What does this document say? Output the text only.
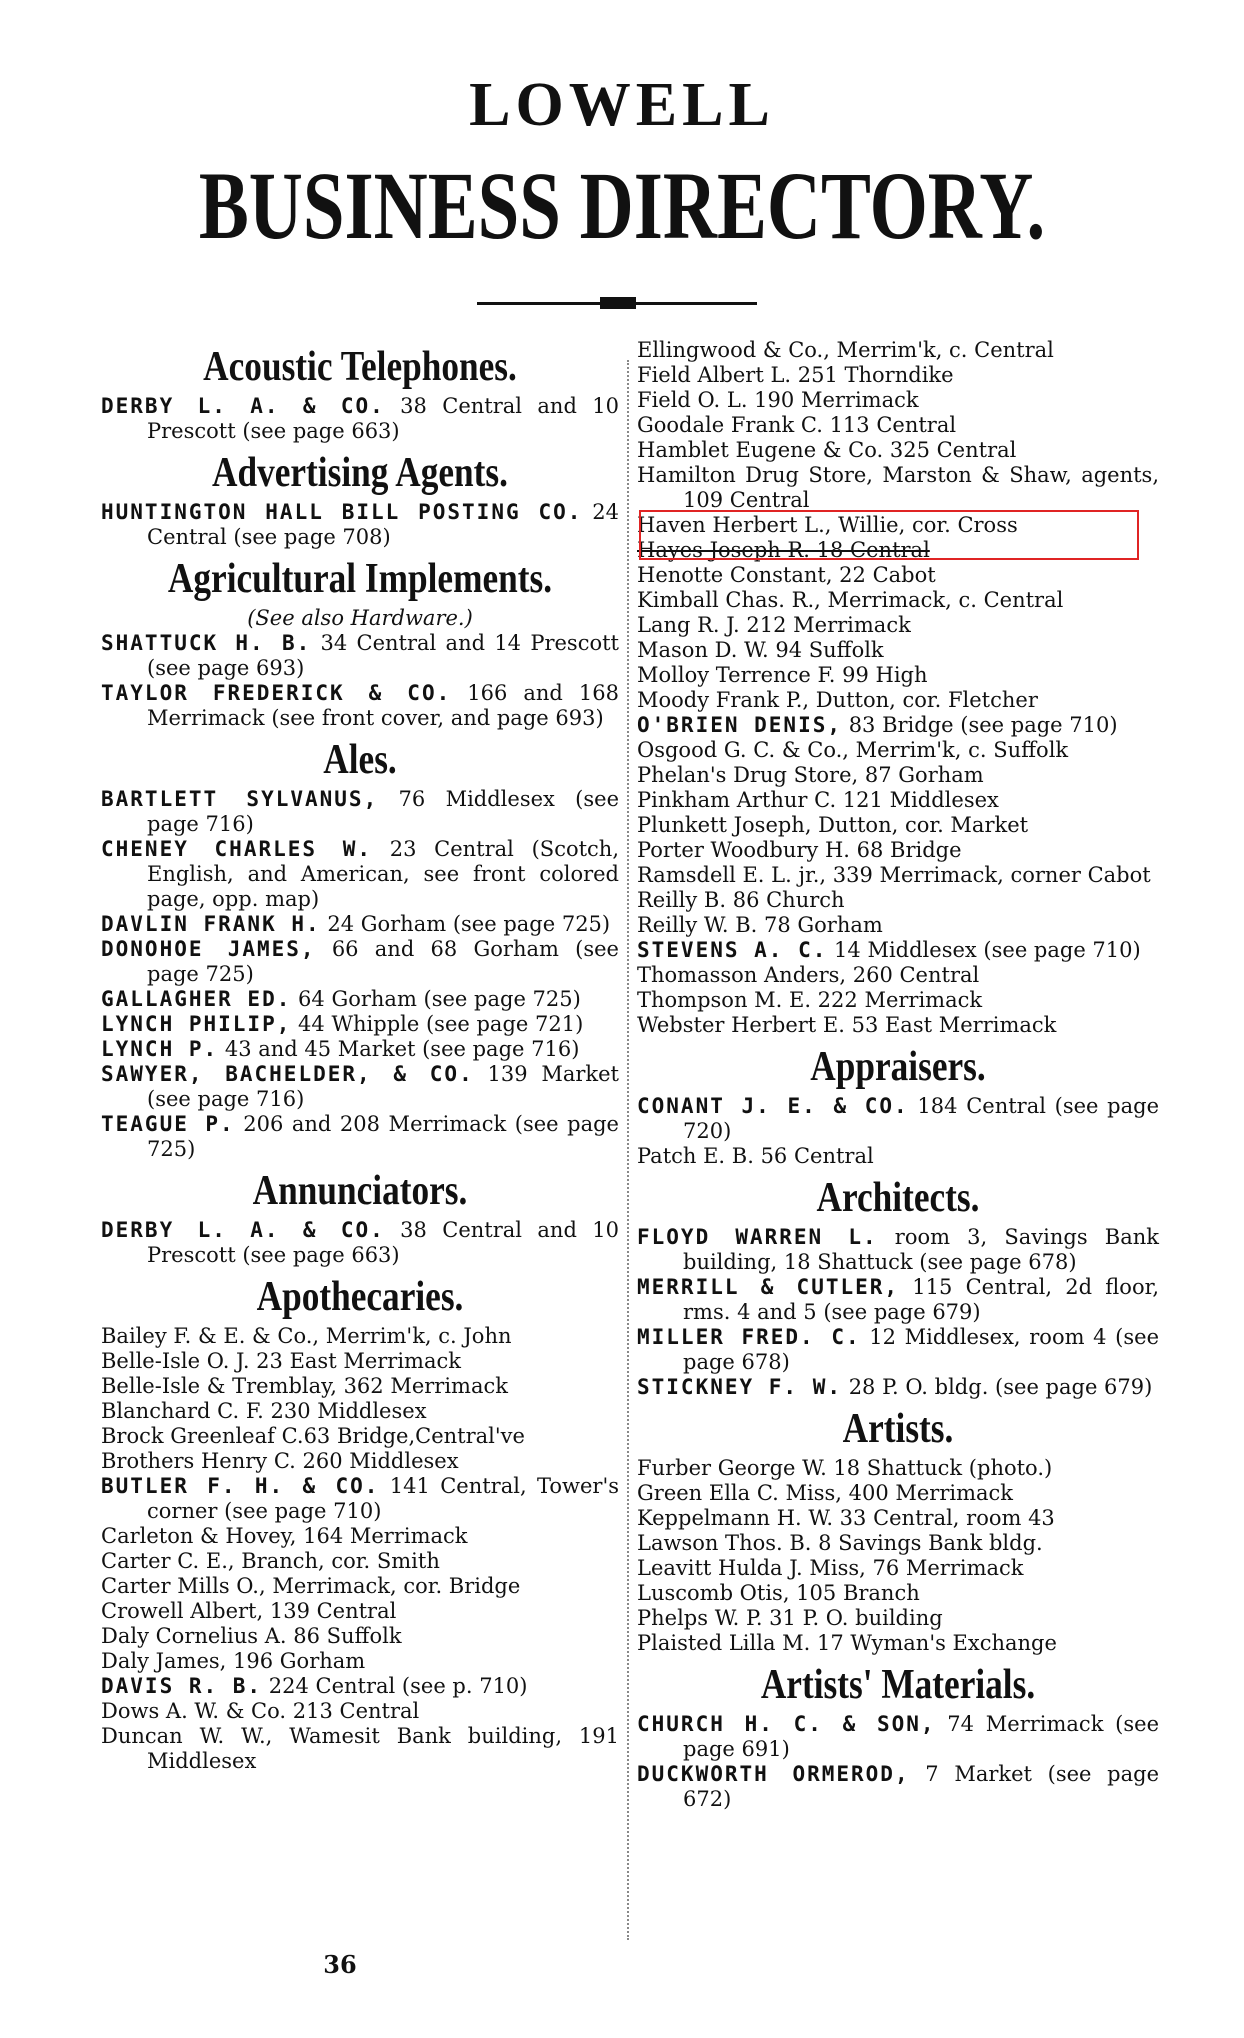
LOWELL
BUSINESS DIRECTORY.
Acoustic Telephones.
DERBY L. A. & CO. 38 Central and 10 Prescott (see page 663)
Advertising Agents.
HUNTINGTON HALL BILL POSTING CO. 24 Central (see page 708)
Agricultural Implements.
(See also Hardware.)
SHATTUCK H. B. 34 Central and 14 Prescott (see page 693)
TAYLOR FREDERICK & CO. 166 and 168 Merrimack (see front cover, and page 693)
Ales.
BARTLETT SYLVANUS, 76 Middlesex (see page 716)
CHENEY CHARLES W. 23 Central (Scotch, English, and American, see front colored page, opp. map)
DAVLIN FRANK H. 24 Gorham (see page 725)
DONOHOE JAMES, 66 and 68 Gorham (see page 725)
GALLAGHER ED. 64 Gorham (see page 725)
LYNCH PHILIP, 44 Whipple (see page 721)
LYNCH P. 43 and 45 Market (see page 716)
SAWYER, BACHELDER, & CO. 139 Market (see page 716)
TEAGUE P. 206 and 208 Merrimack (see page 725)
Annunciators.
DERBY L. A. & CO. 38 Central and 10 Prescott (see page 663)
Apothecaries.
Bailey F. & E. & Co., Merrim'k, c. John
Belle-Isle O. J. 23 East Merrimack
Belle-Isle & Tremblay, 362 Merrimack
Blanchard C. F. 230 Middlesex
Brock Greenleaf C.63 Bridge,Central've
Brothers Henry C. 260 Middlesex
BUTLER F. H. & CO. 141 Central, Tower's corner (see page 710)
Carleton & Hovey, 164 Merrimack
Carter C. E., Branch, cor. Smith
Carter Mills O., Merrimack, cor. Bridge
Crowell Albert, 139 Central
Daly Cornelius A. 86 Suffolk
Daly James, 196 Gorham
DAVIS R. B. 224 Central (see p. 710)
Dows A. W. & Co. 213 Central
Duncan W. W., Wamesit Bank building, 191 Middlesex
Ellingwood & Co., Merrim'k, c. Central
Field Albert L. 251 Thorndike
Field O. L. 190 Merrimack
Goodale Frank C. 113 Central
Hamblet Eugene & Co. 325 Central
Hamilton Drug Store, Marston & Shaw, agents, 109 Central
Haven Herbert L., Willie, cor. Cross
Hayes Joseph R. 18 Central
Henotte Constant, 22 Cabot
Kimball Chas. R., Merrimack, c. Central
Lang R. J. 212 Merrimack
Mason D. W. 94 Suffolk
Molloy Terrence F. 99 High
Moody Frank P., Dutton, cor. Fletcher
O'BRIEN DENIS, 83 Bridge (see page 710)
Osgood G. C. & Co., Merrim'k, c. Suffolk
Phelan's Drug Store, 87 Gorham
Pinkham Arthur C. 121 Middlesex
Plunkett Joseph, Dutton, cor. Market
Porter Woodbury H. 68 Bridge
Ramsdell E. L. jr., 339 Merrimack, corner Cabot
Reilly B. 86 Church
Reilly W. B. 78 Gorham
STEVENS A. C. 14 Middlesex (see page 710)
Thomasson Anders, 260 Central
Thompson M. E. 222 Merrimack
Webster Herbert E. 53 East Merrimack
Appraisers.
CONANT J. E. & CO. 184 Central (see page 720)
Patch E. B. 56 Central
Architects.
FLOYD WARREN L. room 3, Savings Bank building, 18 Shattuck (see page 678)
MERRILL & CUTLER, 115 Central, 2d floor, rms. 4 and 5 (see page 679)
MILLER FRED. C. 12 Middlesex, room 4 (see page 678)
STICKNEY F. W. 28 P. O. bldg. (see page 679)
Artists.
Furber George W. 18 Shattuck (photo.)
Green Ella C. Miss, 400 Merrimack
Keppelmann H. W. 33 Central, room 43
Lawson Thos. B. 8 Savings Bank bldg.
Leavitt Hulda J. Miss, 76 Merrimack
Luscomb Otis, 105 Branch
Phelps W. P. 31 P. O. building
Plaisted Lilla M. 17 Wyman's Exchange
Artists' Materials.
CHURCH H. C. & SON, 74 Merrimack (see page 691)
DUCKWORTH ORMEROD, 7 Market (see page 672)
36
